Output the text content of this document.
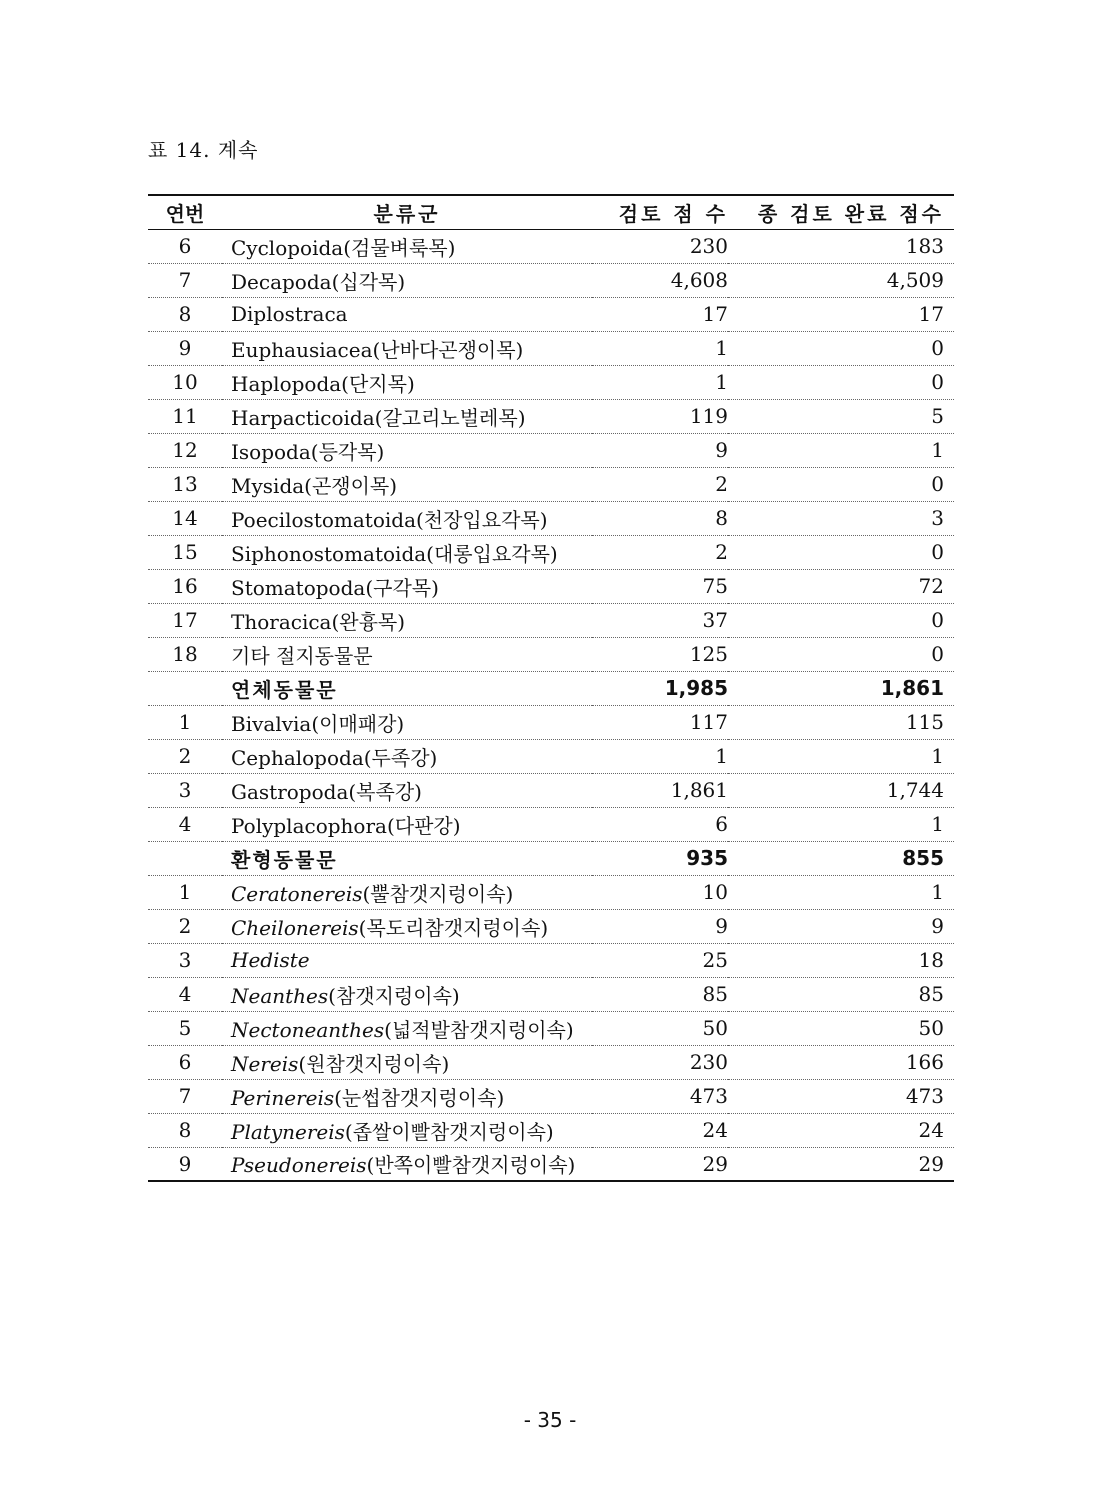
표 14. 계속
연번	분류군	검토 점 수	종 검토 완료 점수
6	Cyclopoida(검물벼룩목)	230	183
7	Decapoda(십각목)	4,608	4,509
8	Diplostraca	17	17
9	Euphausiacea(난바다곤쟁이목)	1	0
10	Haplopoda(단지목)	1	0
11	Harpacticoida(갈고리노벌레목)	119	5
12	Isopoda(등각목)	9	1
13	Mysida(곤쟁이목)	2	0
14	Poecilostomatoida(천장입요각목)	8	3
15	Siphonostomatoida(대롱입요각목)	2	0
16	Stomatopoda(구각목)	75	72
17	Thoracica(완흉목)	37	0
18	기타 절지동물문	125	0
	연체동물문	1,985	1,861
1	Bivalvia(이매패강)	117	115
2	Cephalopoda(두족강)	1	1
3	Gastropoda(복족강)	1,861	1,744
4	Polyplacophora(다판강)	6	1
	환형동물문	935	855
1	Ceratonereis(뿔참갯지렁이속)	10	1
2	Cheilonereis(목도리참갯지렁이속)	9	9
3	Hediste	25	18
4	Neanthes(참갯지렁이속)	85	85
5	Nectoneanthes(넓적발참갯지렁이속)	50	50
6	Nereis(원참갯지렁이속)	230	166
7	Perinereis(눈썹참갯지렁이속)	473	473
8	Platynereis(좁쌀이빨참갯지렁이속)	24	24
9	Pseudonereis(반쪽이빨참갯지렁이속)	29	29
- 35 -
